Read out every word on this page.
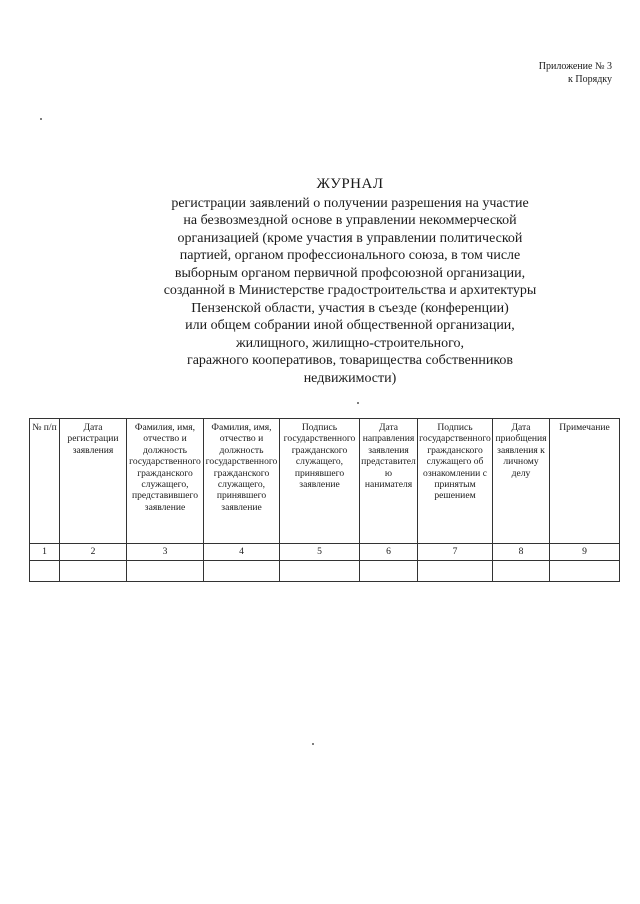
Приложение № 3
к Порядку
ЖУРНАЛ
регистрации заявлений о получении разрешения на участие
на безвозмездной основе в управлении некоммерческой
организацией (кроме участия в управлении политической
партией, органом профессионального союза, в том числе
выборным органом первичной профсоюзной организации,
созданной в Министерстве градостроительства и архитектуры
Пензенской области, участия в съезде (конференции)
или общем собрании иной общественной организации,
жилищного, жилищно-строительного,
гаражного кооперативов, товарищества собственников
недвижимости)
№ п/п	Дата регистрации заявления	Фамилия, имя, отчество и должность государственного гражданского служащего, представившего заявление	Фамилия, имя, отчество и должность государственного гражданского служащего, принявшего заявление	Подпись государственного гражданского служащего, принявшего заявление	Дата направления заявления представителю нанимателя	Подпись государственного гражданского служащего об ознакомлении с принятым решением	Дата приобщения заявления к личному делу	Примечание
1	2	3	4	5	6	7	8	9
